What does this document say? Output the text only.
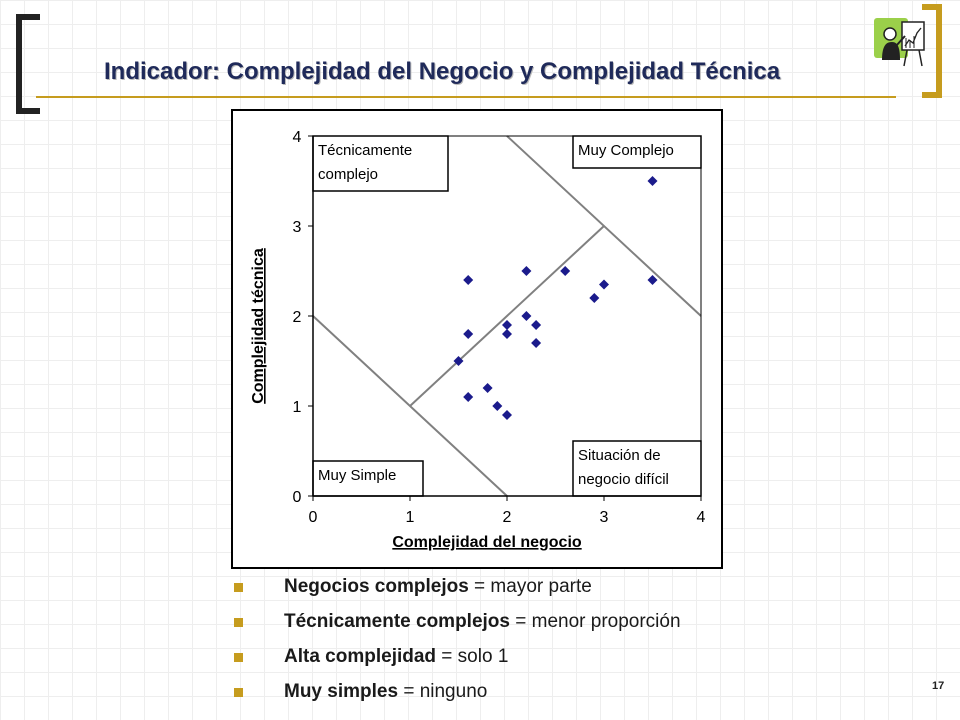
Indicador: Complejidad del Negocio y Complejidad Técnica
Técnicamente
complejo
Muy Complejo
Muy Simple
Situación de
negocio difícil
0	1	2	3	4
0
1
2
3
4
Complejidad del negocio
Complejidad técnica
Negocios complejos = mayor parte
Técnicamente complejos = menor proporción
Alta complejidad = solo 1
Muy simples = ninguno	17
